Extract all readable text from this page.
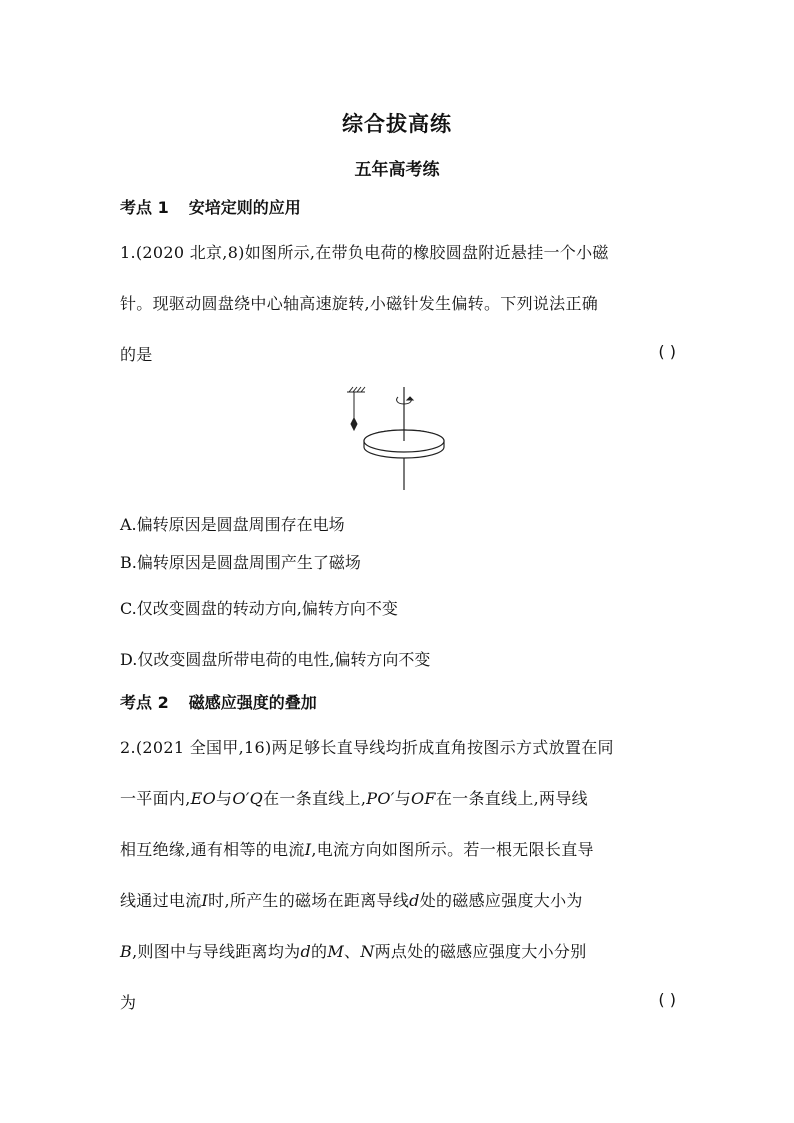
综合拔高练
五年高考练
考点 1 安培定则的应用
1.(2020 北京,8)如图所示,在带负电荷的橡胶圆盘附近悬挂一个小磁
针。现驱动圆盘绕中心轴高速旋转,小磁针发生偏转。下列说法正确
的是	( )
A.偏转原因是圆盘周围存在电场
B.偏转原因是圆盘周围产生了磁场
C.仅改变圆盘的转动方向,偏转方向不变
D.仅改变圆盘所带电荷的电性,偏转方向不变
考点 2 磁感应强度的叠加
2.(2021 全国甲,16)两足够长直导线均折成直角按图示方式放置在同
一平面内,EO与O′Q在一条直线上,PO′与OF在一条直线上,两导线
相互绝缘,通有相等的电流I,电流方向如图所示。若一根无限长直导
线通过电流I时,所产生的磁场在距离导线d处的磁感应强度大小为
B,则图中与导线距离均为d的M、N两点处的磁感应强度大小分别
为	( )
